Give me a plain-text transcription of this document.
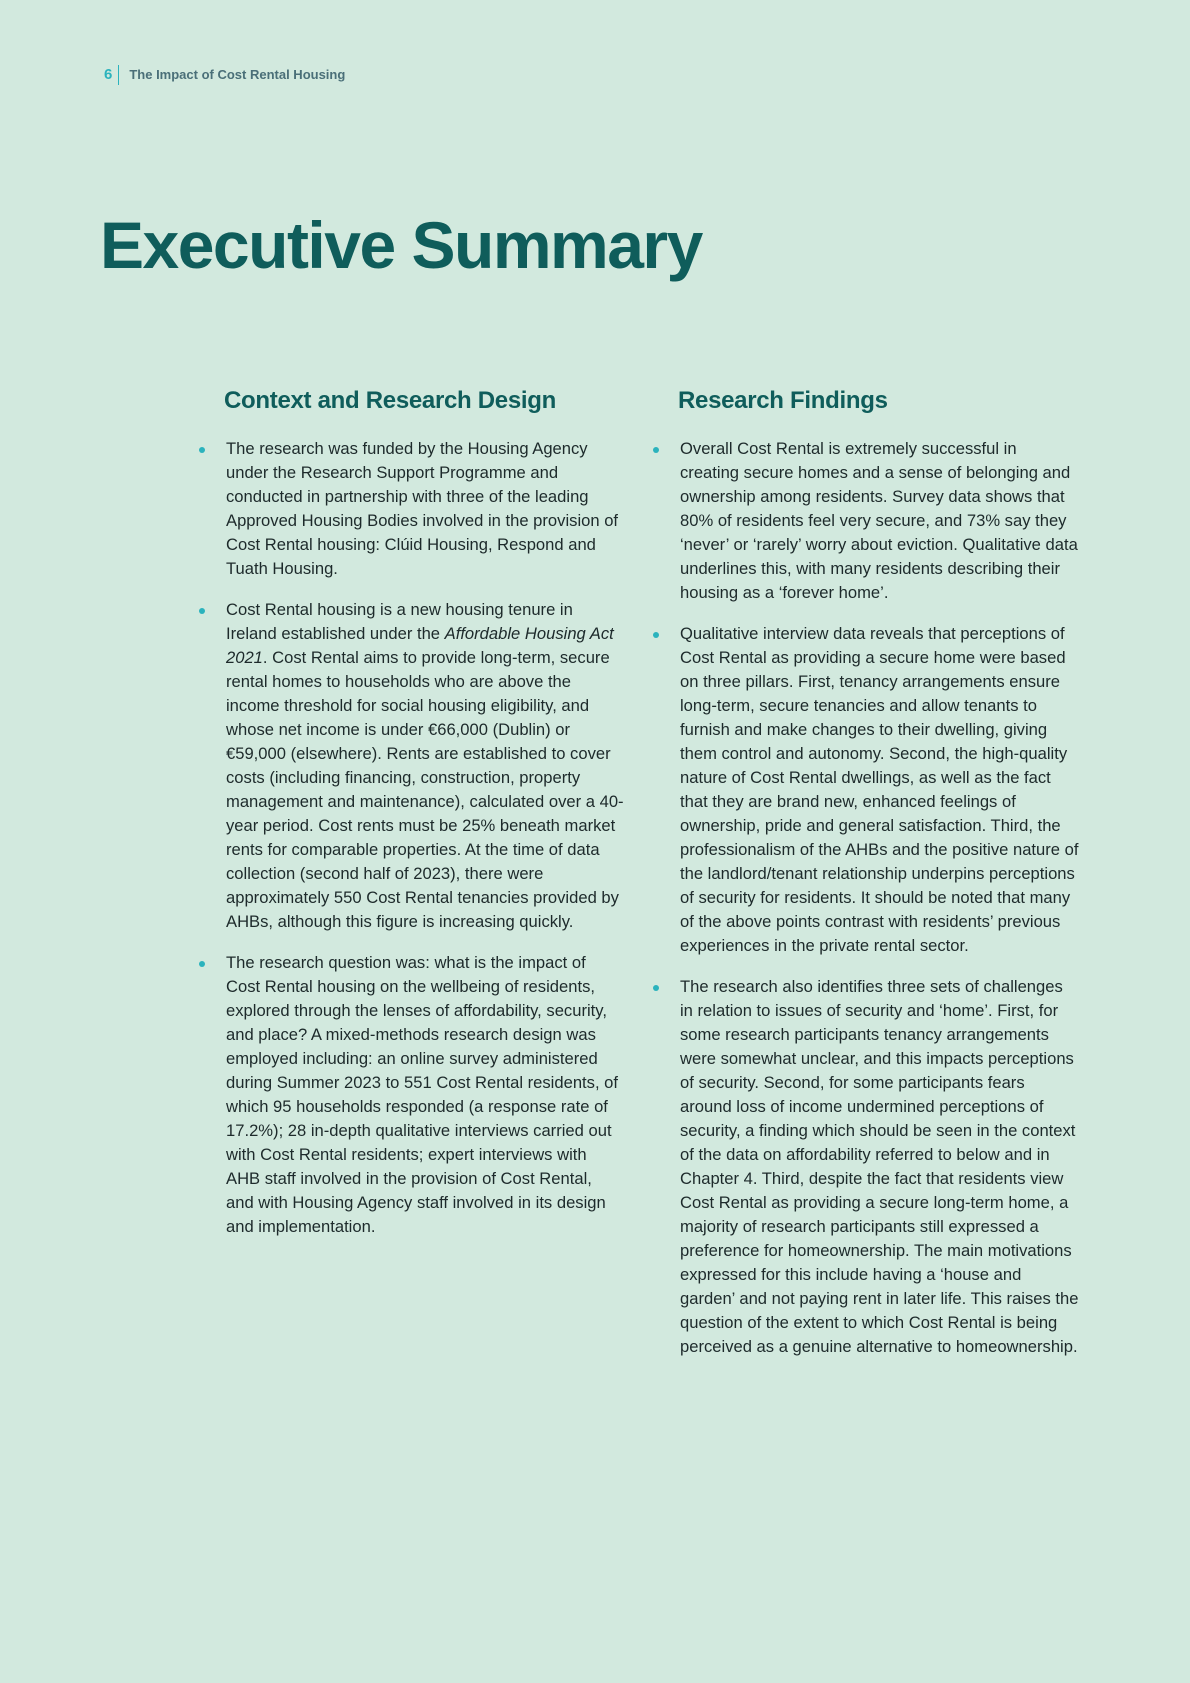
6	The Impact of Cost Rental Housing
Executive Summary
Context and Research Design
The research was funded by the Housing Agency under the Research Support Programme and conducted in partnership with three of the leading Approved Housing Bodies involved in the provision of Cost Rental housing: Clúid Housing, Respond and Tuath Housing.
Cost Rental housing is a new housing tenure in Ireland established under the Affordable Housing Act 2021. Cost Rental aims to provide long-term, secure rental homes to households who are above the income threshold for social housing eligibility, and whose net income is under €66,000 (Dublin) or €59,000 (elsewhere). Rents are established to cover costs (including financing, construction, property management and maintenance), calculated over a 40-year period. Cost rents must be 25% beneath market rents for comparable properties. At the time of data collection (second half of 2023), there were approximately 550 Cost Rental tenancies provided by AHBs, although this figure is increasing quickly.
The research question was: what is the impact of Cost Rental housing on the wellbeing of residents, explored through the lenses of affordability, security, and place? A mixed-methods research design was employed including: an online survey administered during Summer 2023 to 551 Cost Rental residents, of which 95 households responded (a response rate of 17.2%); 28 in-depth qualitative interviews carried out with Cost Rental residents; expert interviews with AHB staff involved in the provision of Cost Rental, and with Housing Agency staff involved in its design and implementation.
Research Findings
Overall Cost Rental is extremely successful in creating secure homes and a sense of belonging and ownership among residents. Survey data shows that 80% of residents feel very secure, and 73% say they ‘never’ or ‘rarely’ worry about eviction. Qualitative data underlines this, with many residents describing their housing as a ‘forever home’.
Qualitative interview data reveals that perceptions of Cost Rental as providing a secure home were based on three pillars. First, tenancy arrangements ensure long-term, secure tenancies and allow tenants to furnish and make changes to their dwelling, giving them control and autonomy. Second, the high-quality nature of Cost Rental dwellings, as well as the fact that they are brand new, enhanced feelings of ownership, pride and general satisfaction. Third, the professionalism of the AHBs and the positive nature of the landlord/tenant relationship underpins perceptions of security for residents. It should be noted that many of the above points contrast with residents’ previous experiences in the private rental sector.
The research also identifies three sets of challenges in relation to issues of security and ‘home’. First, for some research participants tenancy arrangements were somewhat unclear, and this impacts perceptions of security. Second, for some participants fears around loss of income undermined perceptions of security, a finding which should be seen in the context of the data on affordability referred to below and in Chapter 4. Third, despite the fact that residents view Cost Rental as providing a secure long-term home, a majority of research participants still expressed a preference for homeownership. The main motivations expressed for this include having a ‘house and garden’ and not paying rent in later life. This raises the question of the extent to which Cost Rental is being perceived as a genuine alternative to homeownership.
